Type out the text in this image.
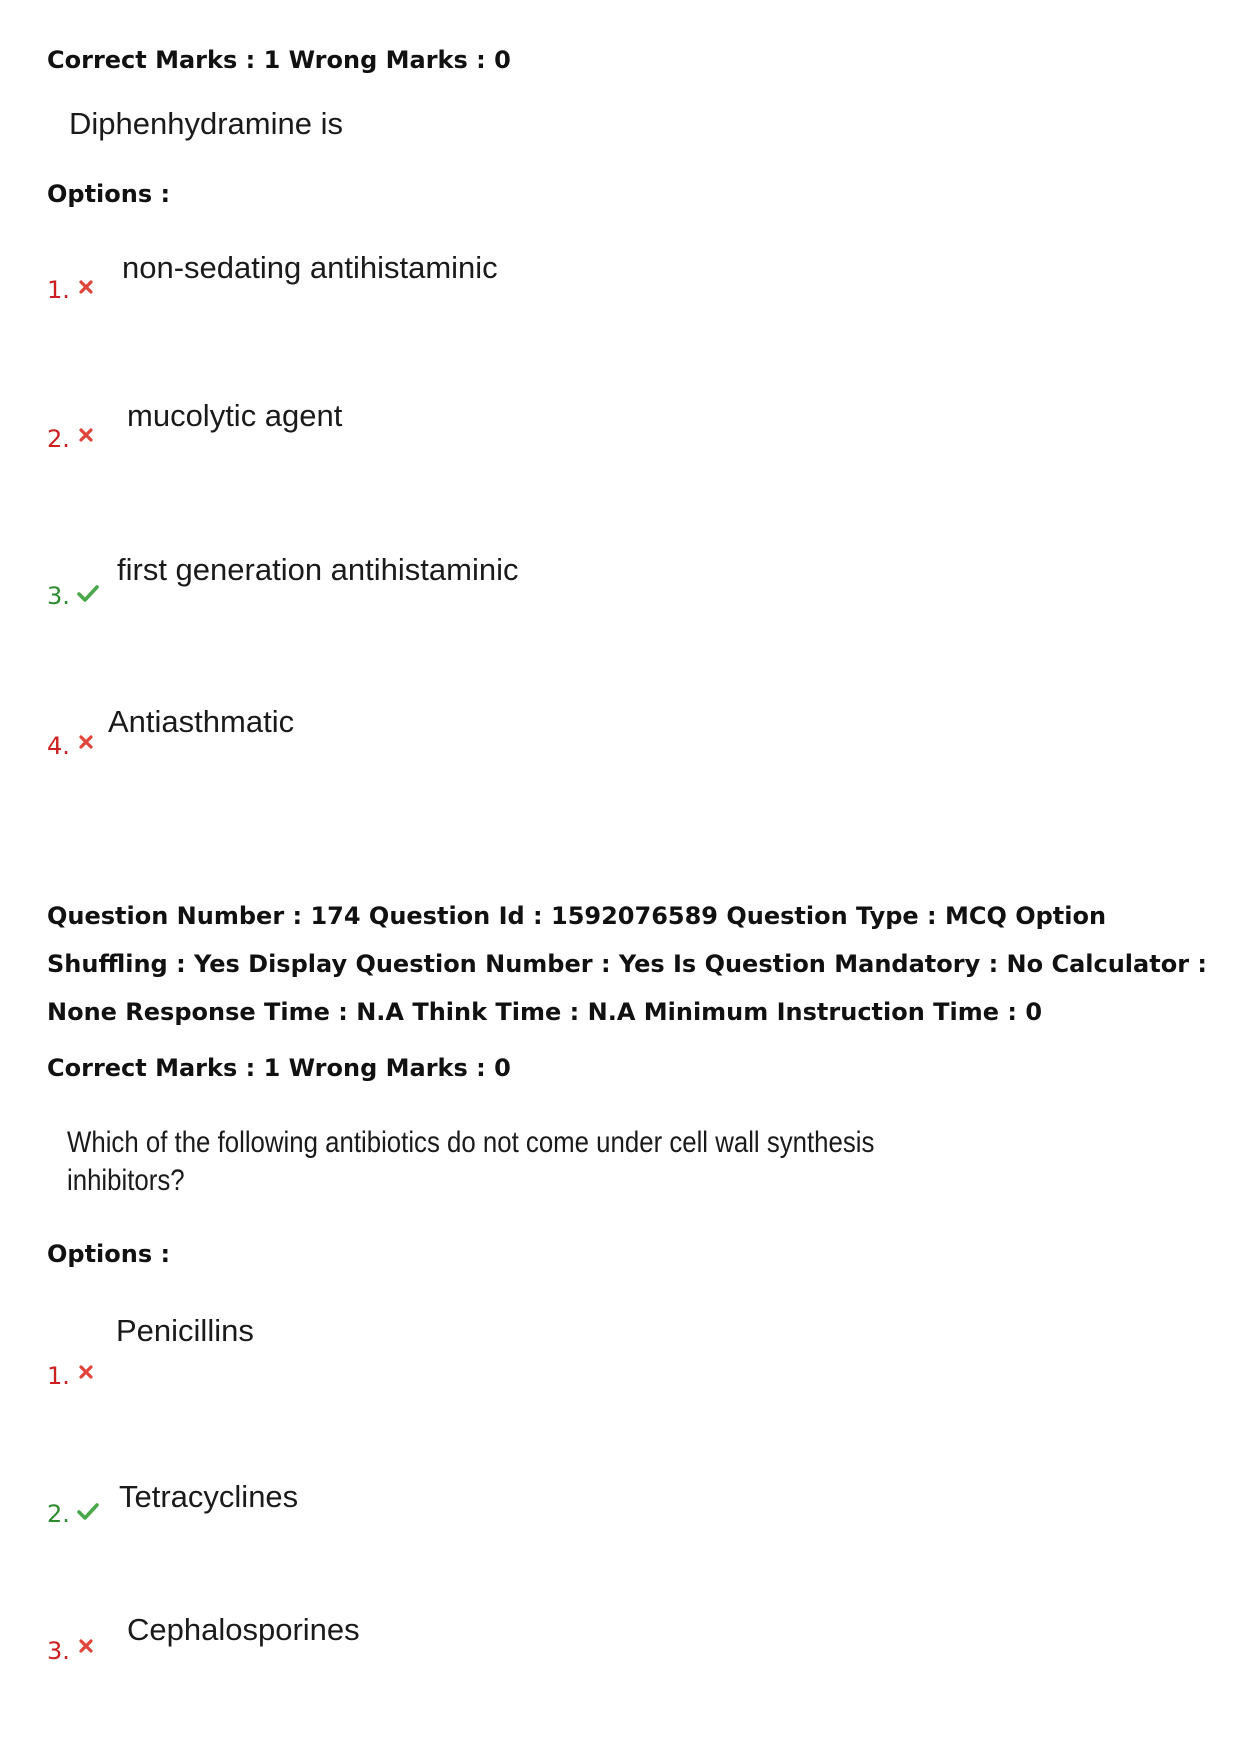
Correct Marks : 1 Wrong Marks : 0
Diphenhydramine is
Options :
1.
non-sedating antihistaminic
2.
mucolytic agent
3.
first generation antihistaminic
4.
Antiasthmatic
Question Number : 174 Question Id : 1592076589 Question Type : MCQ Option Shuffling : Yes Display Question Number : Yes Is Question Mandatory : No Calculator : None Response Time : N.A Think Time : N.A Minimum Instruction Time : 0
Correct Marks : 1 Wrong Marks : 0
Which of the following antibiotics do not come under cell wall synthesis inhibitors?
Options :
1.
Penicillins
2. Tetracyclines
3.
Cephalosporines
